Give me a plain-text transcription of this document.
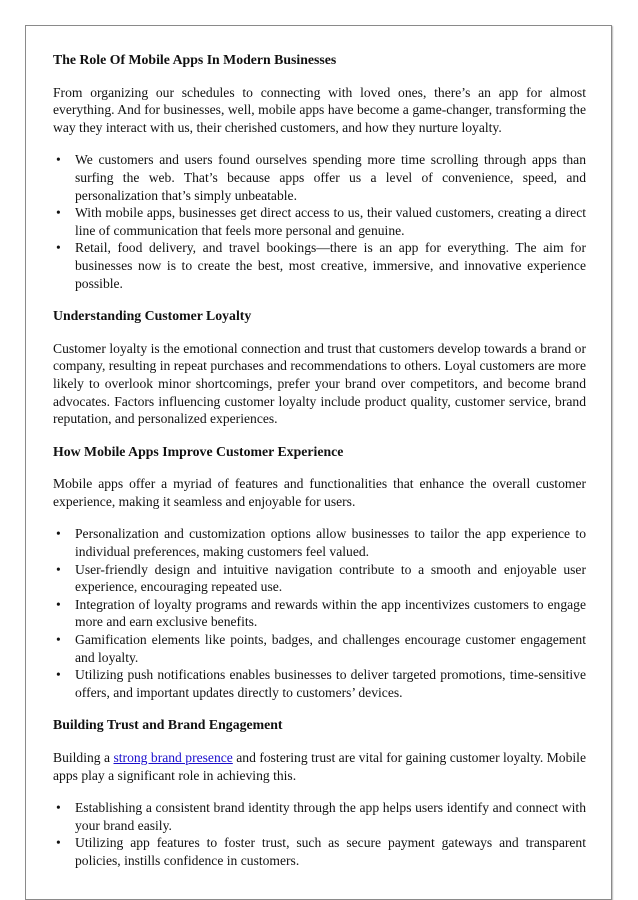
The Role Of Mobile Apps In Modern Businesses

From organizing our schedules to connecting with loved ones, there’s an app for almost everything. And for businesses, well, mobile apps have become a game-changer, transforming the way they interact with us, their cherished customers, and how they nurture loyalty.

• We customers and users found ourselves spending more time scrolling through apps than surfing the web. That’s because apps offer us a level of convenience, speed, and personalization that’s simply unbeatable.
• With mobile apps, businesses get direct access to us, their valued customers, creating a direct line of communication that feels more personal and genuine.
• Retail, food delivery, and travel bookings—there is an app for everything. The aim for businesses now is to create the best, most creative, immersive, and innovative experience possible.
Understanding Customer Loyalty

Customer loyalty is the emotional connection and trust that customers develop towards a brand or company, resulting in repeat purchases and recommendations to others. Loyal customers are more likely to overlook minor shortcomings, prefer your brand over competitors, and become brand advocates. Factors influencing customer loyalty include product quality, customer service, brand reputation, and personalized experiences.

How Mobile Apps Improve Customer Experience

Mobile apps offer a myriad of features and functionalities that enhance the overall customer experience, making it seamless and enjoyable for users.

• Personalization and customization options allow businesses to tailor the app experience to individual preferences, making customers feel valued.
• User-friendly design and intuitive navigation contribute to a smooth and enjoyable user experience, encouraging repeated use.
• Integration of loyalty programs and rewards within the app incentivizes customers to engage more and earn exclusive benefits.
• Gamification elements like points, badges, and challenges encourage customer engagement and loyalty.
• Utilizing push notifications enables businesses to deliver targeted promotions, time-sensitive offers, and important updates directly to customers’ devices.
Building Trust and Brand Engagement

Building a strong brand presence and fostering trust are vital for gaining customer loyalty. Mobile apps play a significant role in achieving this.

• Establishing a consistent brand identity through the app helps users identify and connect with your brand easily.
• Utilizing app features to foster trust, such as secure payment gateways and transparent policies, instills confidence in customers.
